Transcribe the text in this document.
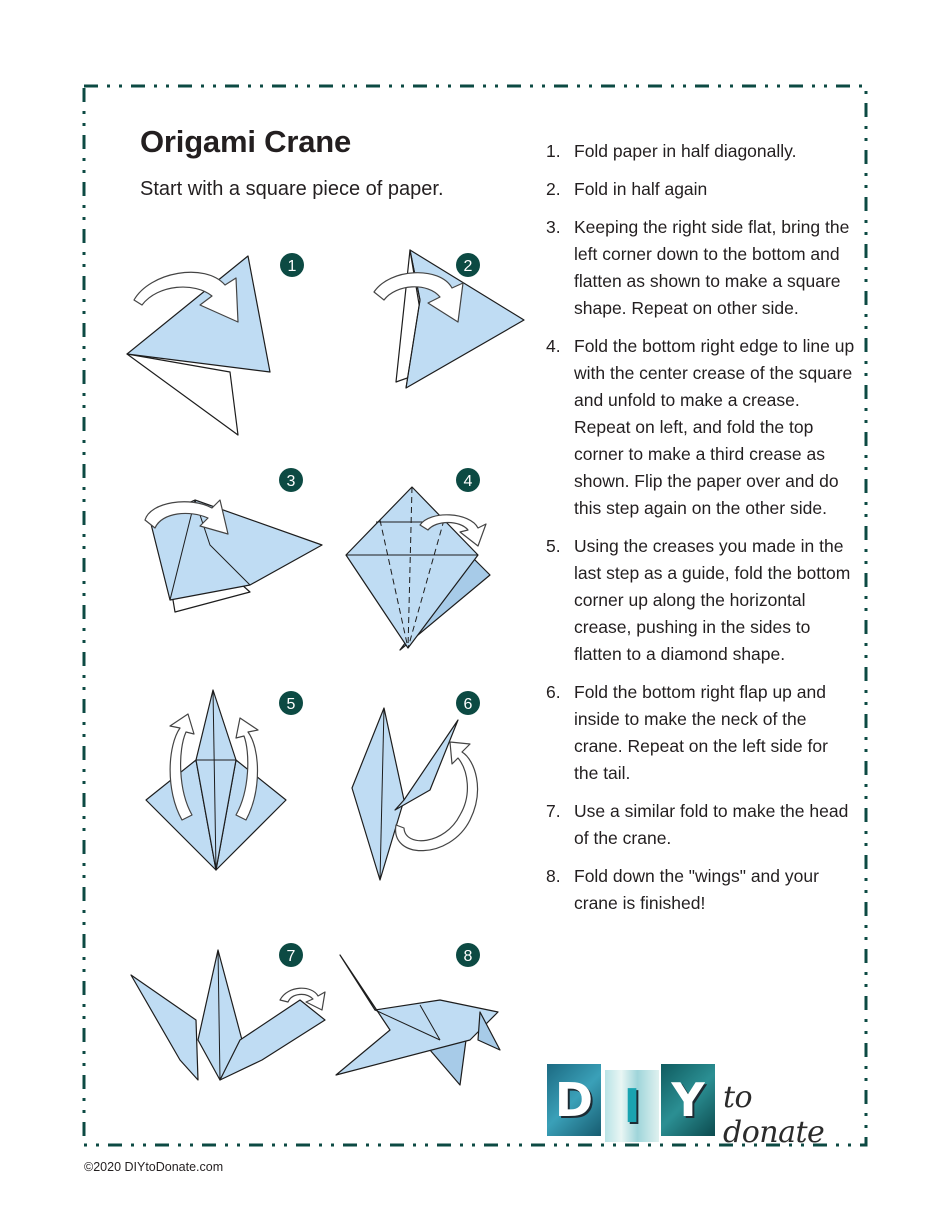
Origami Crane

Start with a square piece of paper.

1. Fold paper in half diagonally.
2. Fold in half again
3. Keeping the right side flat, bring the left corner down to the bottom and flatten as shown to make a square shape. Repeat on other side.
4. Fold the bottom right edge to line up with the center crease of the square and unfold to make a crease. Repeat on left, and fold the top corner to make a third crease as shown. Flip the paper over and do this step again on the other side.
5. Using the creases you made in the last step as a guide, fold the bottom corner up along the horizontal crease, pushing in the sides to flatten to a diamond shape.
6. Fold the bottom right flap up and inside to make the neck of the crane. Repeat on the left side for the tail.
7. Use a similar fold to make the head of the crane.
8. Fold down the "wings" and your crane is finished!
1	2
3	4
5	6
7	8
D I Y to donate

©2020 DIYtoDonate.com
